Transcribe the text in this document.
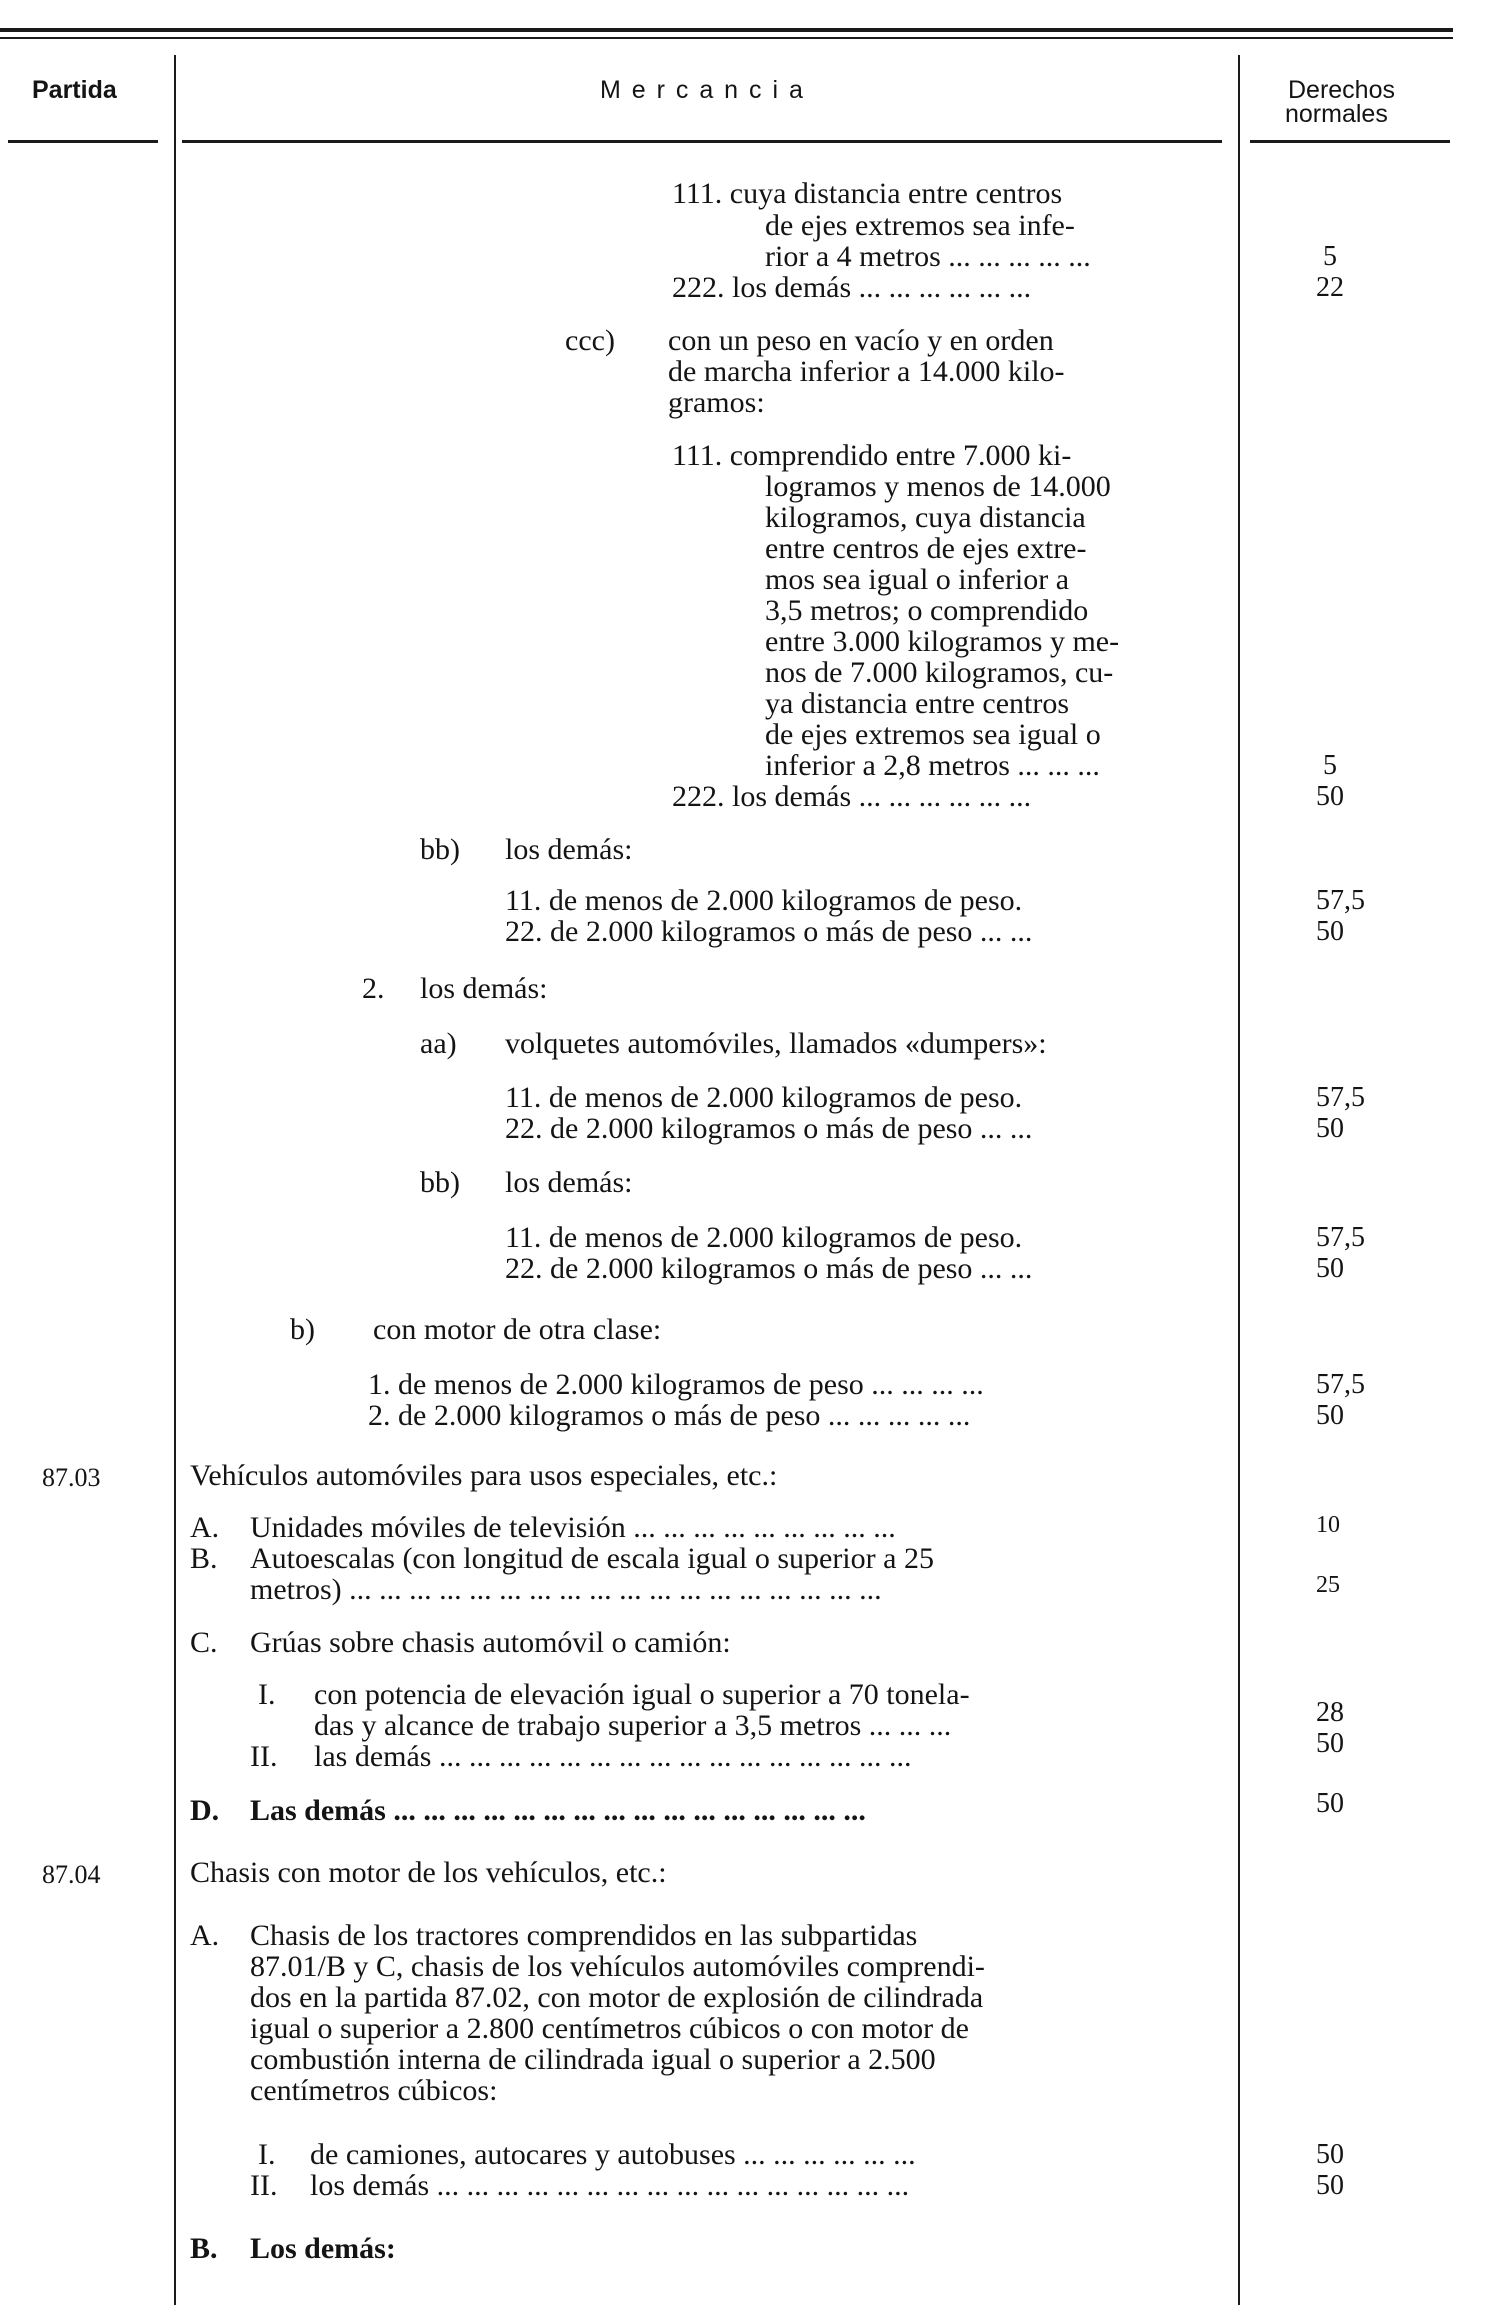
Partida	M e r c a n c i a	Derechos
normales
111. cuya distancia entre centros
de ejes extremos sea infe-
rior a 4 metros ... ... ... ... ...	5
222. los demás ... ... ... ... ... ...	22
ccc) con un peso en vacío y en orden
de marcha inferior a 14.000 kilo-
gramos:
111. comprendido entre 7.000 ki-
logramos y menos de 14.000
kilogramos, cuya distancia
entre centros de ejes extre-
mos sea igual o inferior a
3,5 metros; o comprendido
entre 3.000 kilogramos y me-
nos de 7.000 kilogramos, cu-
ya distancia entre centros
de ejes extremos sea igual o
inferior a 2,8 metros ... ... ...	5
222. los demás ... ... ... ... ... ...	50
bb) los demás:
11. de menos de 2.000 kilogramos de peso.	57,5
22. de 2.000 kilogramos o más de peso ... ...	50
2. los demás:
aa) volquetes automóviles, llamados «dumpers»:
11. de menos de 2.000 kilogramos de peso.	57,5
22. de 2.000 kilogramos o más de peso ... ...	50
bb) los demás:
11. de menos de 2.000 kilogramos de peso.	57,5
22. de 2.000 kilogramos o más de peso ... ...	50
b) con motor de otra clase:
1. de menos de 2.000 kilogramos de peso ... ... ... ...	57,5
2. de 2.000 kilogramos o más de peso ... ... ... ... ...	50
87.03	Vehículos automóviles para usos especiales, etc.:
A. Unidades móviles de televisión ... ... ... ... ... ... ... ... ...	10
B. Autoescalas (con longitud de escala igual o superior a 25
metros) ... ... ... ... ... ... ... ... ... ... ... ... ... ... ... ... ... ...	25
C. Grúas sobre chasis automóvil o camión:
I. con potencia de elevación igual o superior a 70 tonela-
das y alcance de trabajo superior a 3,5 metros ... ... ...	28
II. las demás ... ... ... ... ... ... ... ... ... ... ... ... ... ... ... ...	50
D. Las demás ... ... ... ... ... ... ... ... ... ... ... ... ... ... ... ...	50
87.04	Chasis con motor de los vehículos, etc.:
A. Chasis de los tractores comprendidos en las subpartidas
87.01/B y C, chasis de los vehículos automóviles comprendi-
dos en la partida 87.02, con motor de explosión de cilindrada
igual o superior a 2.800 centímetros cúbicos o con motor de
combustión interna de cilindrada igual o superior a 2.500
centímetros cúbicos:
I. de camiones, autocares y autobuses ... ... ... ... ... ...	50
II. los demás ... ... ... ... ... ... ... ... ... ... ... ... ... ... ... ...	50
B. Los demás:
